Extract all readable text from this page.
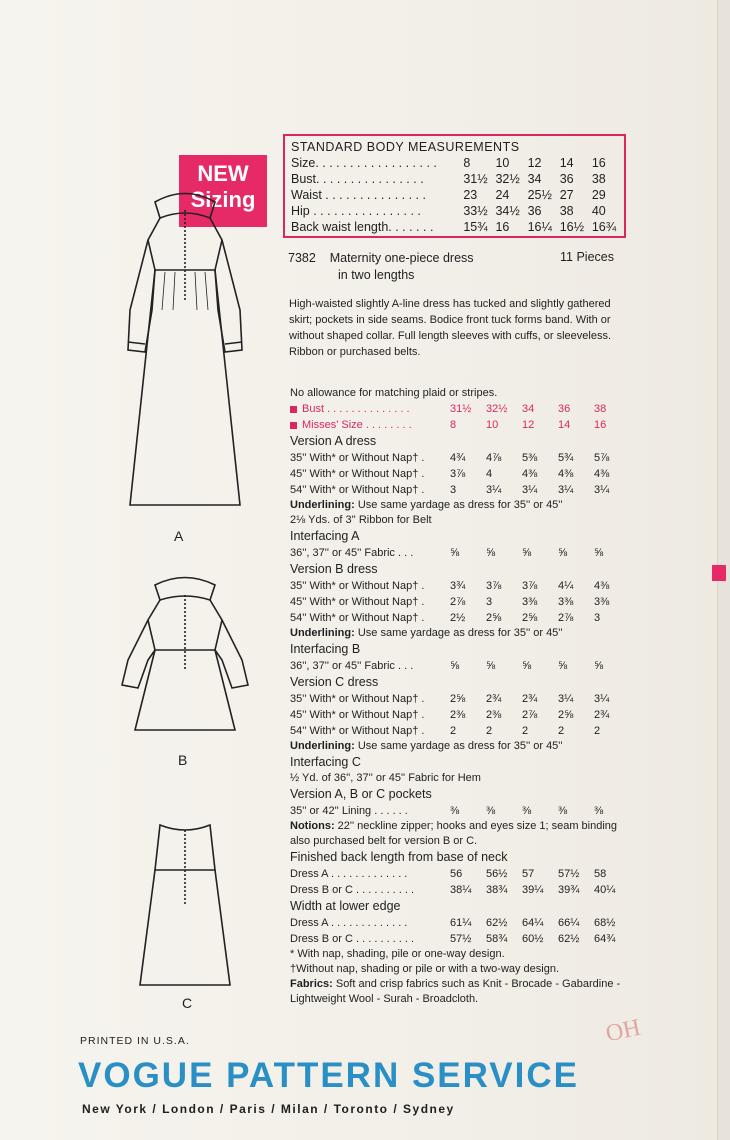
NEW
Sizing
STANDARD BODY MEASUREMENTS
Size. . . . . . . . . . . . . . . . . .	8	10	12	14	16
Bust. . . . . . . . . . . . . . . .	31½ 32½ 34	36	38
Waist . . . . . . . . . . . . . . .	23	24	25½ 27	29
Hip . . . . . . . . . . . . . . . .	33½ 34½ 36	38	40
Back waist length. . . . . . .	15¾ 16	16¼ 16½ 16¾
7382 Maternity one-piece dress
in two lengths
11 Pieces
High-waisted slightly A-line dress has tucked and slightly gathered skirt; pockets in side seams. Bodice front tuck forms band. With or without shaped collar. Full length sleeves with cuffs, or sleeveless. Ribbon or purchased belts.
No allowance for matching plaid or stripes.
Bust . . . . . . . . . . . . . .	31½	32½	34	36	38
Misses' Size . . . . . . . .	8	10	12	14	16
Version A dress
35'' With* or Without Nap† .	4¾	4⅞	5⅜	5¾	5⅞
45'' With* or Without Nap† .	3⅞	4	4⅜	4⅜	4⅜
54'' With* or Without Nap† .	3	3¼	3¼	3¼	3¼
Underlining: Use same yardage as dress for 35'' or 45''
2⅛ Yds. of 3'' Ribbon for Belt
Interfacing A
36'', 37'' or 45'' Fabric . . .	⅝	⅝	⅝	⅝	⅝
Version B dress
35'' With* or Without Nap† .	3¾	3⅞	3⅞	4¼	4⅜
45'' With* or Without Nap† .	2⅞	3	3⅜	3⅜	3⅜
54'' With* or Without Nap† .	2½	2⅝	2⅝	2⅞	3
Underlining: Use same yardage as dress for 35'' or 45''
Interfacing B
36'', 37'' or 45'' Fabric . . .	⅝	⅝	⅝	⅝	⅝
Version C dress
35'' With* or Without Nap† .	2⅝	2¾	2¾	3¼	3¼
45'' With* or Without Nap† .	2⅜	2⅜	2⅞	2⅝	2¾
54'' With* or Without Nap† .	2	2	2	2	2
Underlining: Use same yardage as dress for 35'' or 45''
Interfacing C
½ Yd. of 36'', 37'' or 45'' Fabric for Hem
Version A, B or C pockets
35'' or 42'' Lining . . . . . .	⅜	⅜	⅜	⅜	⅜
Notions: 22'' neckline zipper; hooks and eyes size 1; seam binding also purchased belt for version B or C.
Finished back length from base of neck
Dress A . . . . . . . . . . . . .	56	56½	57	57½	58
Dress B or C . . . . . . . . . .	38¼	38¾	39¼	39¾	40¼
Width at lower edge
Dress A . . . . . . . . . . . . .	61¼	62½	64¼	66¼	68½
Dress B or C . . . . . . . . . .	57½	58¾	60½	62½	64¾
* With nap, shading, pile or one-way design.
†Without nap, shading or pile or with a two-way design.
Fabrics: Soft and crisp fabrics such as Knit - Brocade - Gabardine - Lightweight Wool - Surah - Broadcloth.
A
B
C
PRINTED IN U.S.A.
VOGUE PATTERN SERVICE
New York / London / Paris / Milan / Toronto / Sydney
OH
